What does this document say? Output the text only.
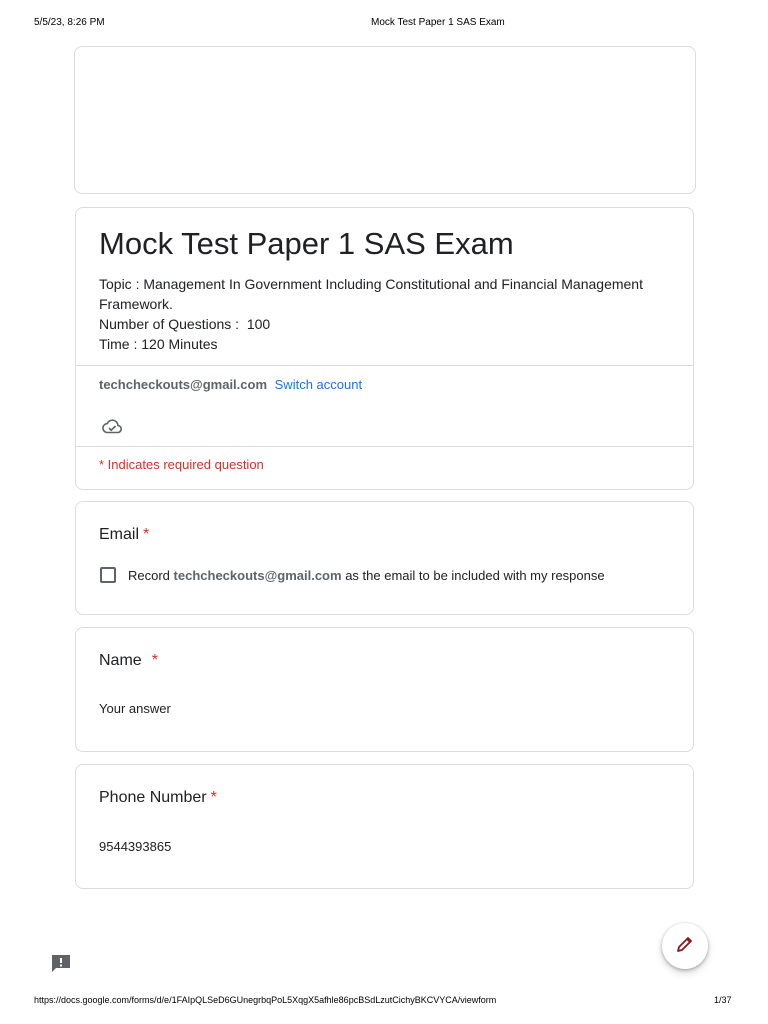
5/5/23, 8:26 PM	Mock Test Paper 1 SAS Exam
Mock Test Paper 1 SAS Exam
Topic : Management In Government Including Constitutional and Financial Management Framework.
Number of Questions :  100
Time : 120 Minutes
techcheckouts@gmail.com Switch account
* Indicates required question
Email *
Record techcheckouts@gmail.com as the email to be included with my response
Name *
Your answer
Phone Number *
9544393865
https://docs.google.com/forms/d/e/1FAIpQLSeD6GUnegrbqPoL5XqgX5afhle86pcBSdLzutCichyBKCVYCA/viewform	1/37
